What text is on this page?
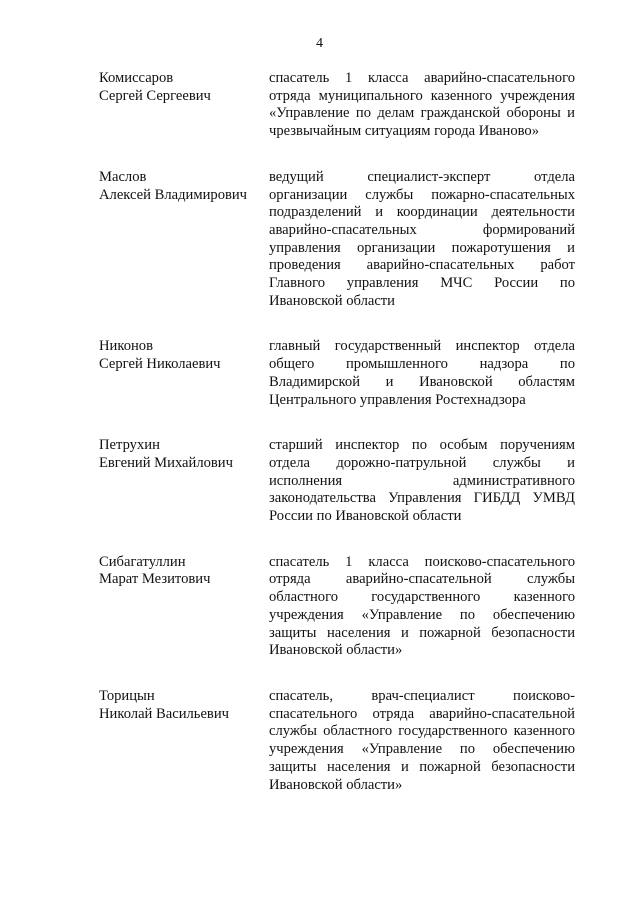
4
Комиссаров
Сергей Сергеевич
спасатель 1 класса аварийно-спасательного отряда муниципального казенного учреждения «Управление по делам гражданской обороны и чрезвычайным ситуациям города Иваново»
Маслов
Алексей Владимирович
ведущий специалист-эксперт отдела организации службы пожарно-спасательных подразделений и координации деятельности аварийно-спасательных формирований управления организации пожаротушения и проведения аварийно-спасательных работ Главного управления МЧС России по Ивановской области
Никонов
Сергей Николаевич
главный государственный инспектор отдела общего промышленного надзора по Владимирской и Ивановской областям Центрального управления Ростехнадзора
Петрухин
Евгений Михайлович
старший инспектор по особым поручениям отдела дорожно-патрульной службы и исполнения административного законодательства Управления ГИБДД УМВД России по Ивановской области
Сибагатуллин
Марат Мезитович
спасатель 1 класса поисково-спасательного отряда аварийно-спасательной службы областного государственного казенного учреждения «Управление по обеспечению защиты населения и пожарной безопасности Ивановской области»
Торицын
Николай Васильевич
спасатель, врач-специалист поисково-спасательного отряда аварийно-спасательной службы областного государственного казенного учреждения «Управление по обеспечению защиты населения и пожарной безопасности Ивановской области»
